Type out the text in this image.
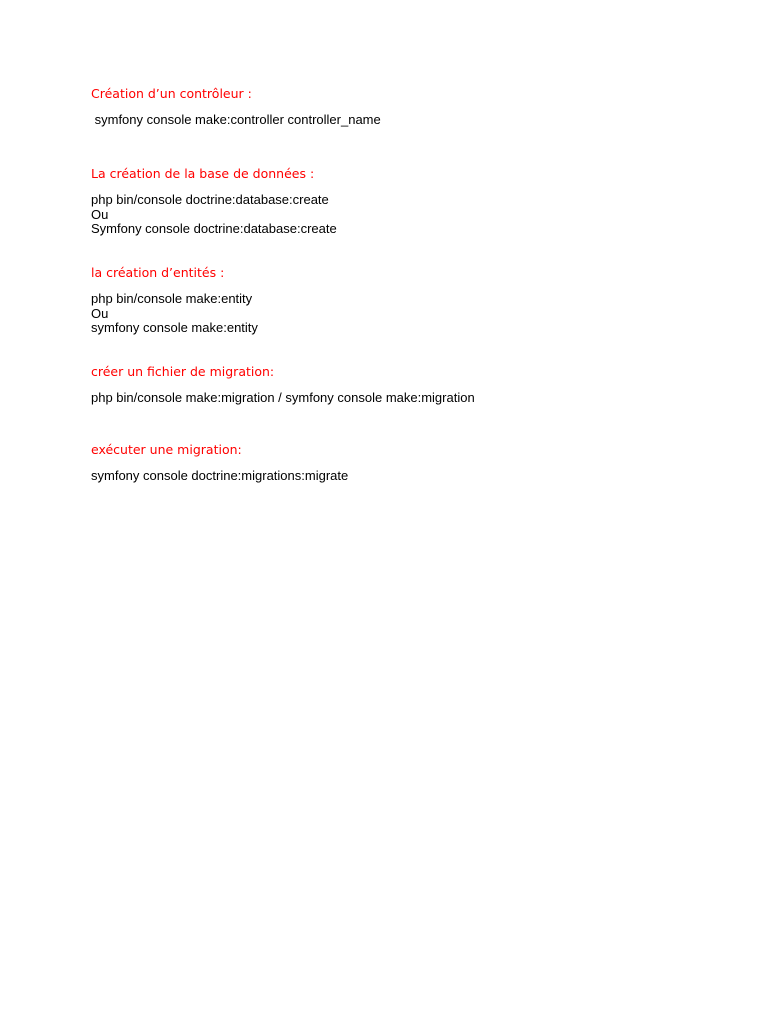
Création d’un contrôleur :

symfony console make:controller controller_name

La création de la base de données :

php bin/console doctrine:database:create

Ou

Symfony console doctrine:database:create

la création d’entités :

php bin/console make:entity

Ou

symfony console make:entity

créer un fichier de migration:

php bin/console make:migration / symfony console make:migration

exécuter une migration:

symfony console doctrine:migrations:migrate
